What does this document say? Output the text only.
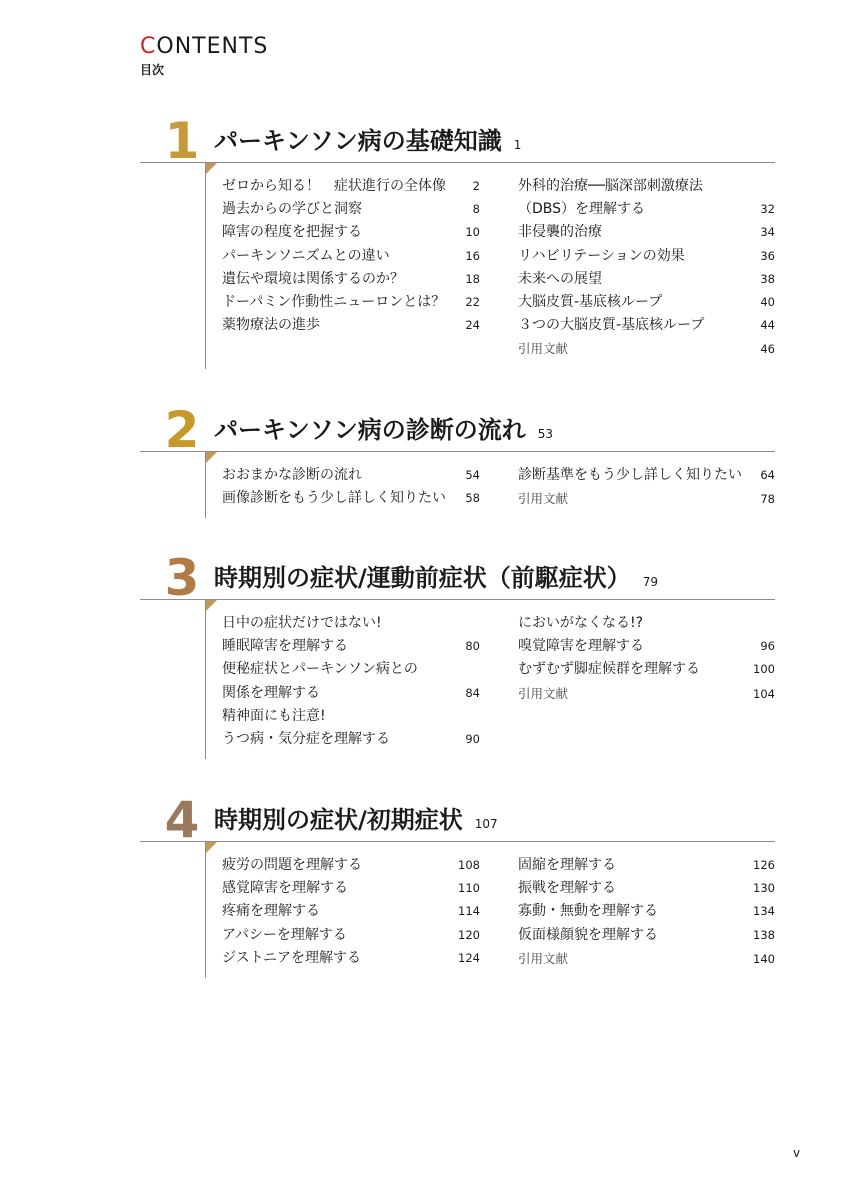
CONTENTS
目次
1 パーキンソン病の基礎知識 1
ゼロから知る！　症状進行の全体像 2
過去からの学びと洞察	8
障害の程度を把握する	10
パーキンソニズムとの違い	16
遺伝や環境は関係するのか？	18
ドーパミン作動性ニューロンとは？ 22
薬物療法の進歩	24
外科的治療──脳深部刺激療法
（DBS）を理解する	32
非侵襲的治療	34
リハビリテーションの効果	36
未来への展望	38
大脳皮質-基底核ループ	40
３つの大脳皮質-基底核ループ	44
引用文献	46
2 パーキンソン病の診断の流れ 53
おおまかな診断の流れ	54
画像診断をもう少し詳しく知りたい 58
診断基準をもう少し詳しく知りたい 64
引用文献	78
3 時期別の症状/運動前症状（前駆症状） 79
日中の症状だけではない!
睡眠障害を理解する	80
便秘症状とパーキンソン病との
関係を理解する	84
精神面にも注意!
うつ病・気分症を理解する	90
においがなくなる!?
嗅覚障害を理解する	96
むずむず脚症候群を理解する	100
引用文献	104
4 時期別の症状/初期症状 107
疲労の問題を理解する	108
感覚障害を理解する	110
疼痛を理解する	114
アパシーを理解する	120
ジストニアを理解する	124
固縮を理解する	126
振戦を理解する	130
寡動・無動を理解する	134
仮面様顔貌を理解する	138
引用文献	140
v
